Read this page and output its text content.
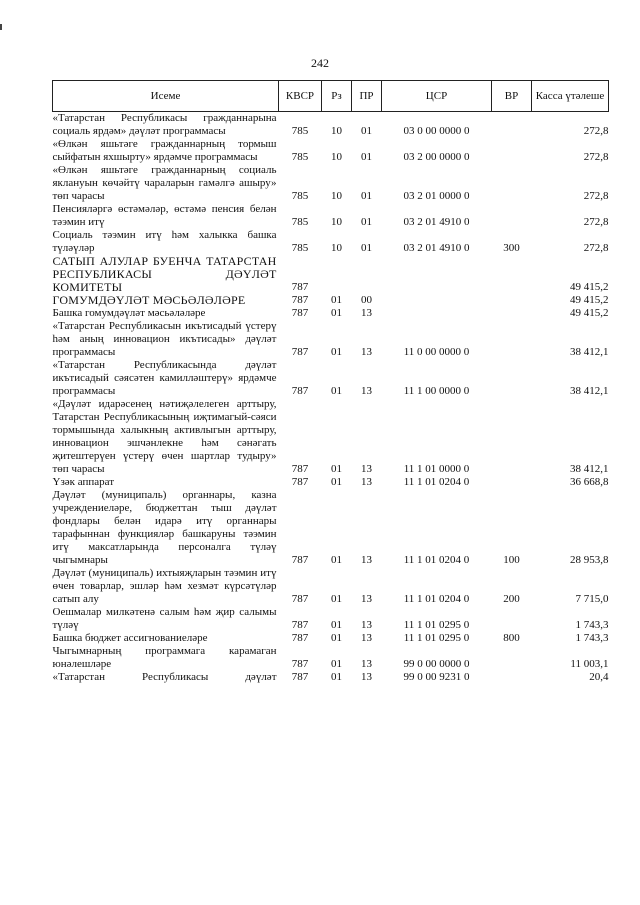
242
Исеме	КВСР	Рз	ПР	ЦСР	ВР	Касса үтәлеше
«Татарстан Республикасы гражданнарына социаль ярдәм» дәүләт программасы	785	10	01	03 0 00 0000 0		272,8
«Өлкән яшьтәге гражданнарның тормыш сыйфатын яхшырту» ярдәмче программасы	785	10	01	03 2 00 0000 0		272,8
«Өлкән яшьтәге гражданнарның социаль яклануын көчәйтү чараларын гамәлгә ашыру» төп чарасы	785	10	01	03 2 01 0000 0		272,8
Пенсияләргә өстәмәләр, өстәмә пенсия белән тәэмин итү	785	10	01	03 2 01 4910 0		272,8
Социаль тәэмин итү һәм халыкка башка түләүләр	785	10	01	03 2 01 4910 0	300	272,8
САТЫП АЛУЛАР БУЕНЧА ТАТАРСТАН РЕСПУБЛИКАСЫ ДӘҮЛӘТ КОМИТЕТЫ	787					49 415,2
ГОМУМДӘҮЛӘТ МӘСЬӘЛӘЛӘРЕ	787	01	00			49 415,2
Башка гомумдәүләт мәсьәләләре	787	01	13			49 415,2
«Татарстан Республикасын икътисадый үстерү һәм аның инновацион икътисады» дәүләт программасы	787	01	13	11 0 00 0000 0		38 412,1
«Татарстан Республикасында дәүләт икътисадый сәясәтен камилләштерү» ярдәмче программасы	787	01	13	11 1 00 0000 0		38 412,1
«Дәүләт идарәсенең нәтиҗәлелеген арттыру, Татарстан Республикасының иҗтимагый-сәяси тормышында халыкның активлыгын арттыру, инновацион эшчәнлекне һәм сәнәгать җитештерүен үстерү өчен шартлар тудыру» төп чарасы	787	01	13	11 1 01 0000 0		38 412,1
Үзәк аппарат	787	01	13	11 1 01 0204 0		36 668,8
Дәүләт (муниципаль) органнары, казна учреждениеләре, бюджеттан тыш дәүләт фондлары белән идарә итү органнары тарафыннан функцияләр башкаруны тәэмин итү максатларында персоналга түләү чыгымнары	787	01	13	11 1 01 0204 0	100	28 953,8
Дәүләт (муниципаль) ихтыяҗларын тәэмин итү өчен товарлар, эшләр һәм хезмәт күрсәтүләр сатып алу	787	01	13	11 1 01 0204 0	200	7 715,0
Оешмалар милкәтенә салым һәм җир салымы түләү	787	01	13	11 1 01 0295 0		1 743,3
Башка бюджет ассигнованиеләре	787	01	13	11 1 01 0295 0	800	1 743,3
Чыгымнарның программага карамаган юнәлешләре	787	01	13	99 0 00 0000 0		11 003,1
«Татарстан Республикасы дәүләт	787	01	13	99 0 00 9231 0		20,4
